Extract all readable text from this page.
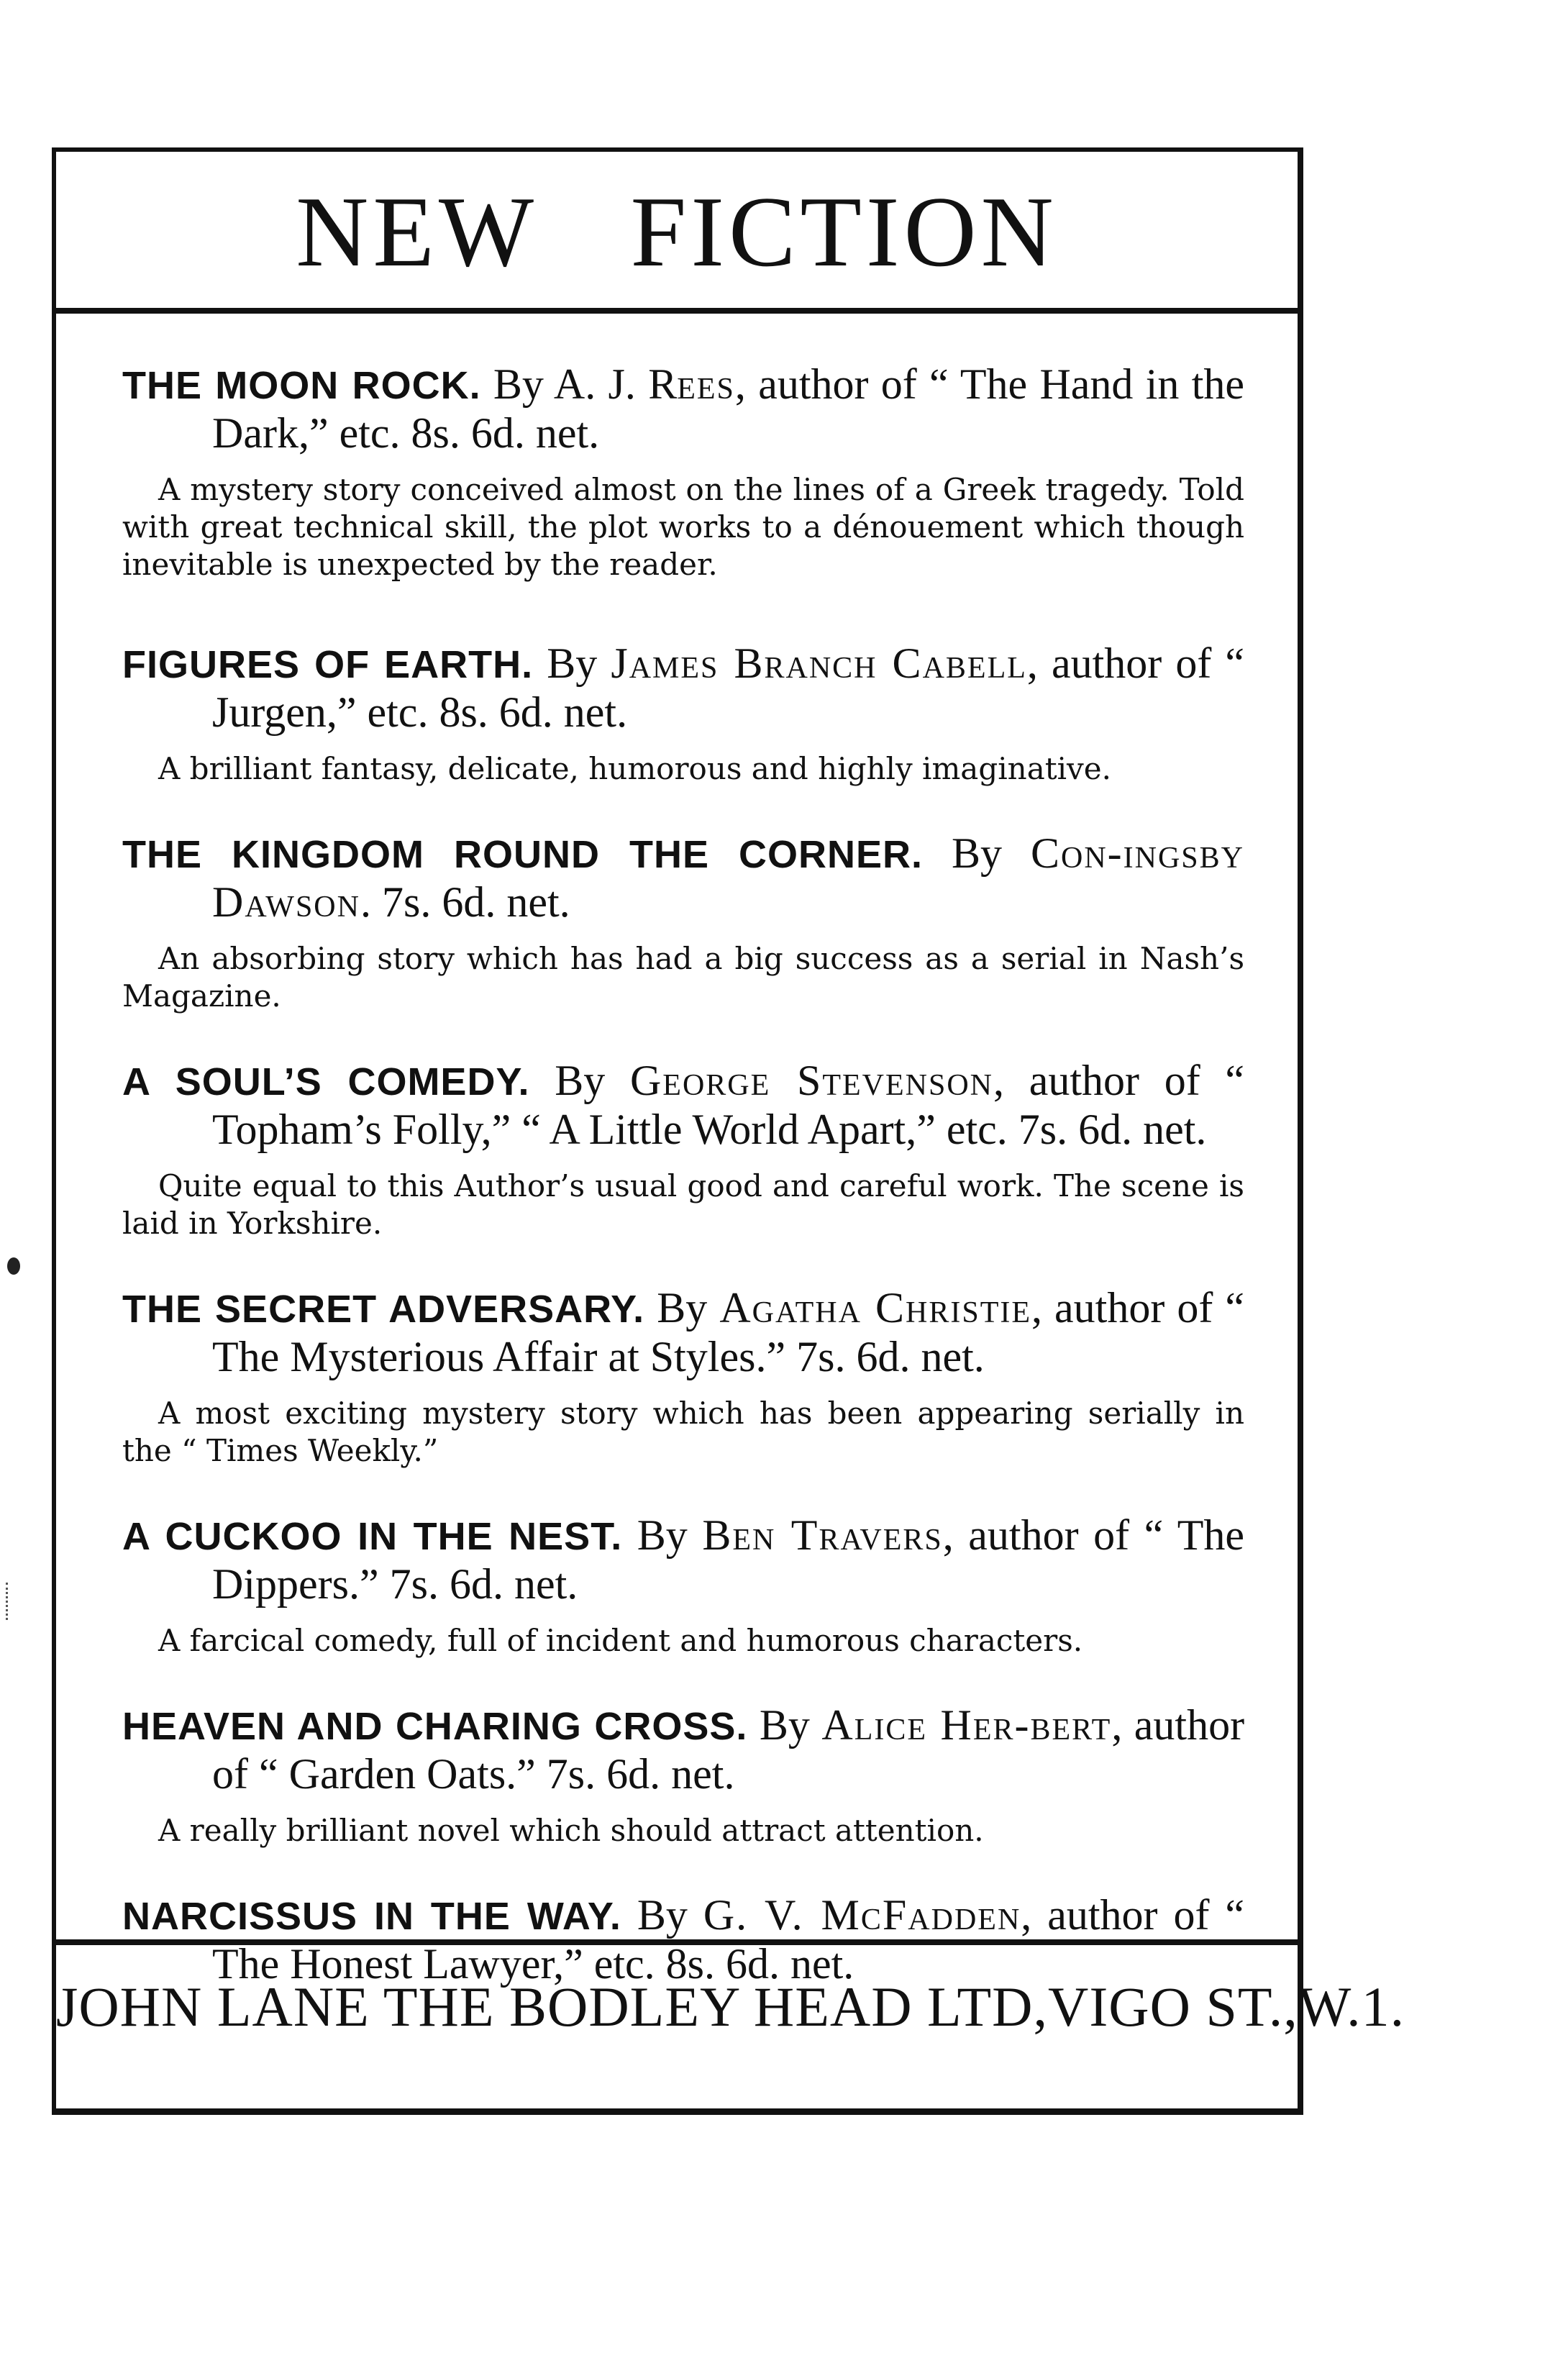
NEW FICTION

THE MOON ROCK. By A. J. Rees, author of “ The Hand in the Dark,” etc. 8s. 6d. net.

A mystery story conceived almost on the lines of a Greek tragedy. Told with great technical skill, the plot works to a dénouement which though inevitable is unexpected by the reader.

FIGURES OF EARTH. By James Branch Cabell, author of “ Jurgen,” etc. 8s. 6d. net.

A brilliant fantasy, delicate, humorous and highly imaginative.

THE KINGDOM ROUND THE CORNER. By Con-ingsby Dawson. 7s. 6d. net.

An absorbing story which has had a big success as a serial in Nash’s Magazine.

A SOUL’S COMEDY. By George Stevenson, author of “ Topham’s Folly,” “ A Little World Apart,” etc. 7s. 6d. net.

Quite equal to this Author’s usual good and careful work. The scene is laid in Yorkshire.

THE SECRET ADVERSARY. By Agatha Christie, author of “ The Mysterious Affair at Styles.” 7s. 6d. net.

A most exciting mystery story which has been appearing serially in the “ Times Weekly.”

A CUCKOO IN THE NEST. By Ben Travers, author of “ The Dippers.” 7s. 6d. net.

A farcical comedy, full of incident and humorous characters.

HEAVEN AND CHARING CROSS. By Alice Her-bert, author of “ Garden Oats.” 7s. 6d. net.

A really brilliant novel which should attract attention.

NARCISSUS IN THE WAY. By G. V. McFadden, author of “ The Honest Lawyer,” etc. 8s. 6d. net.

JOHN LANE THE BODLEY HEAD LTD,VIGO ST.,W.1.
